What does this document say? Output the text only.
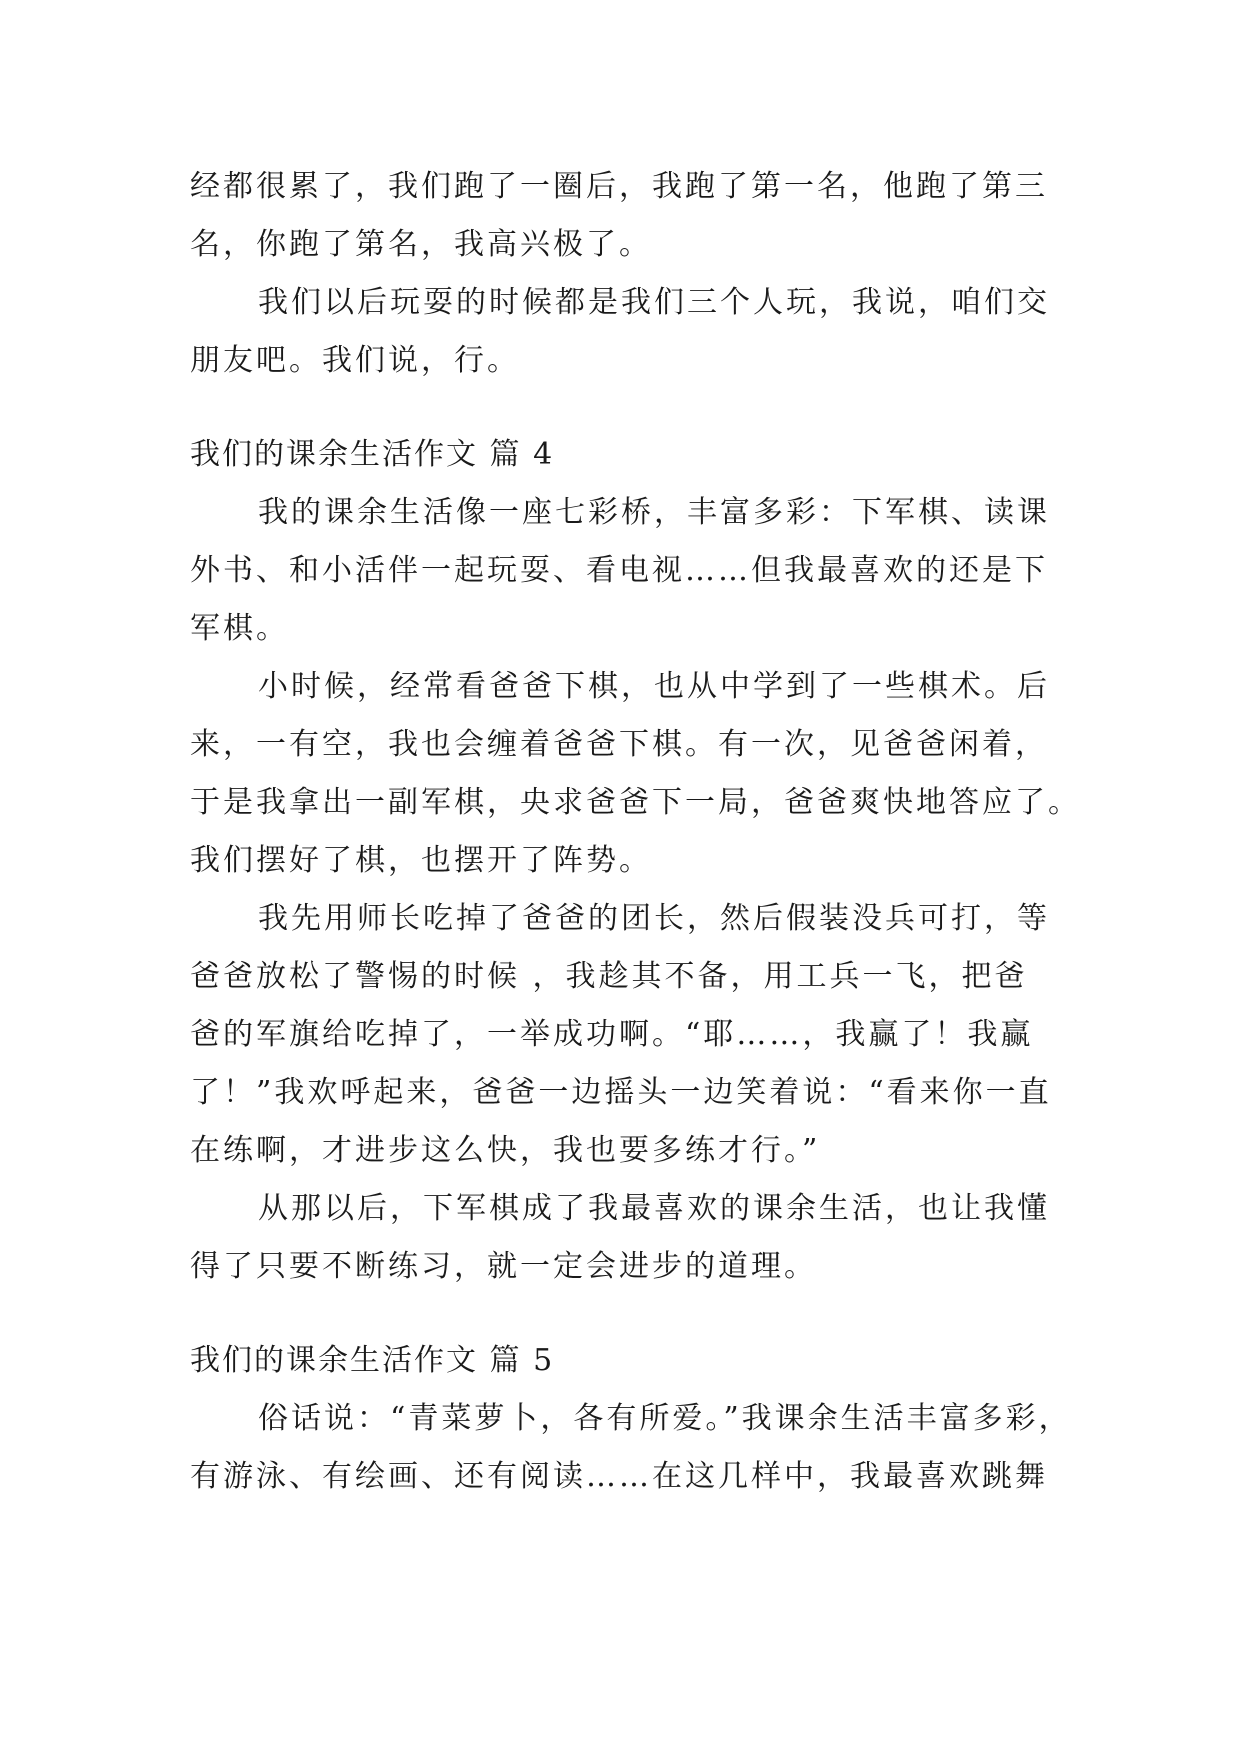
经都很累了，我们跑了一圈后，我跑了第一名，他跑了第三
名，你跑了第名，我高兴极了。
我们以后玩耍的时候都是我们三个人玩，我说，咱们交
朋友吧。我们说，行。
我们的课余生活作文 篇 4
我的课余生活像一座七彩桥，丰富多彩：下军棋、读课
外书、和小活伴一起玩耍、看电视……但我最喜欢的还是下
军棋。
小时候，经常看爸爸下棋，也从中学到了一些棋术。后
来，一有空，我也会缠着爸爸下棋。有一次，见爸爸闲着，
于是我拿出一副军棋，央求爸爸下一局，爸爸爽快地答应了。
我们摆好了棋，也摆开了阵势。
我先用师长吃掉了爸爸的团长，然后假装没兵可打，等
爸爸放松了警惕的时候 ，我趁其不备，用工兵一飞，把爸
爸的军旗给吃掉了，一举成功啊。“耶……，我赢了！我赢
了！”我欢呼起来，爸爸一边摇头一边笑着说：“看来你一直
在练啊，才进步这么快，我也要多练才行。”
从那以后，下军棋成了我最喜欢的课余生活，也让我懂
得了只要不断练习，就一定会进步的道理。
我们的课余生活作文 篇 5
俗话说：“青菜萝卜，各有所爱。”我课余生活丰富多彩，
有游泳、有绘画、还有阅读……在这几样中，我最喜欢跳舞
